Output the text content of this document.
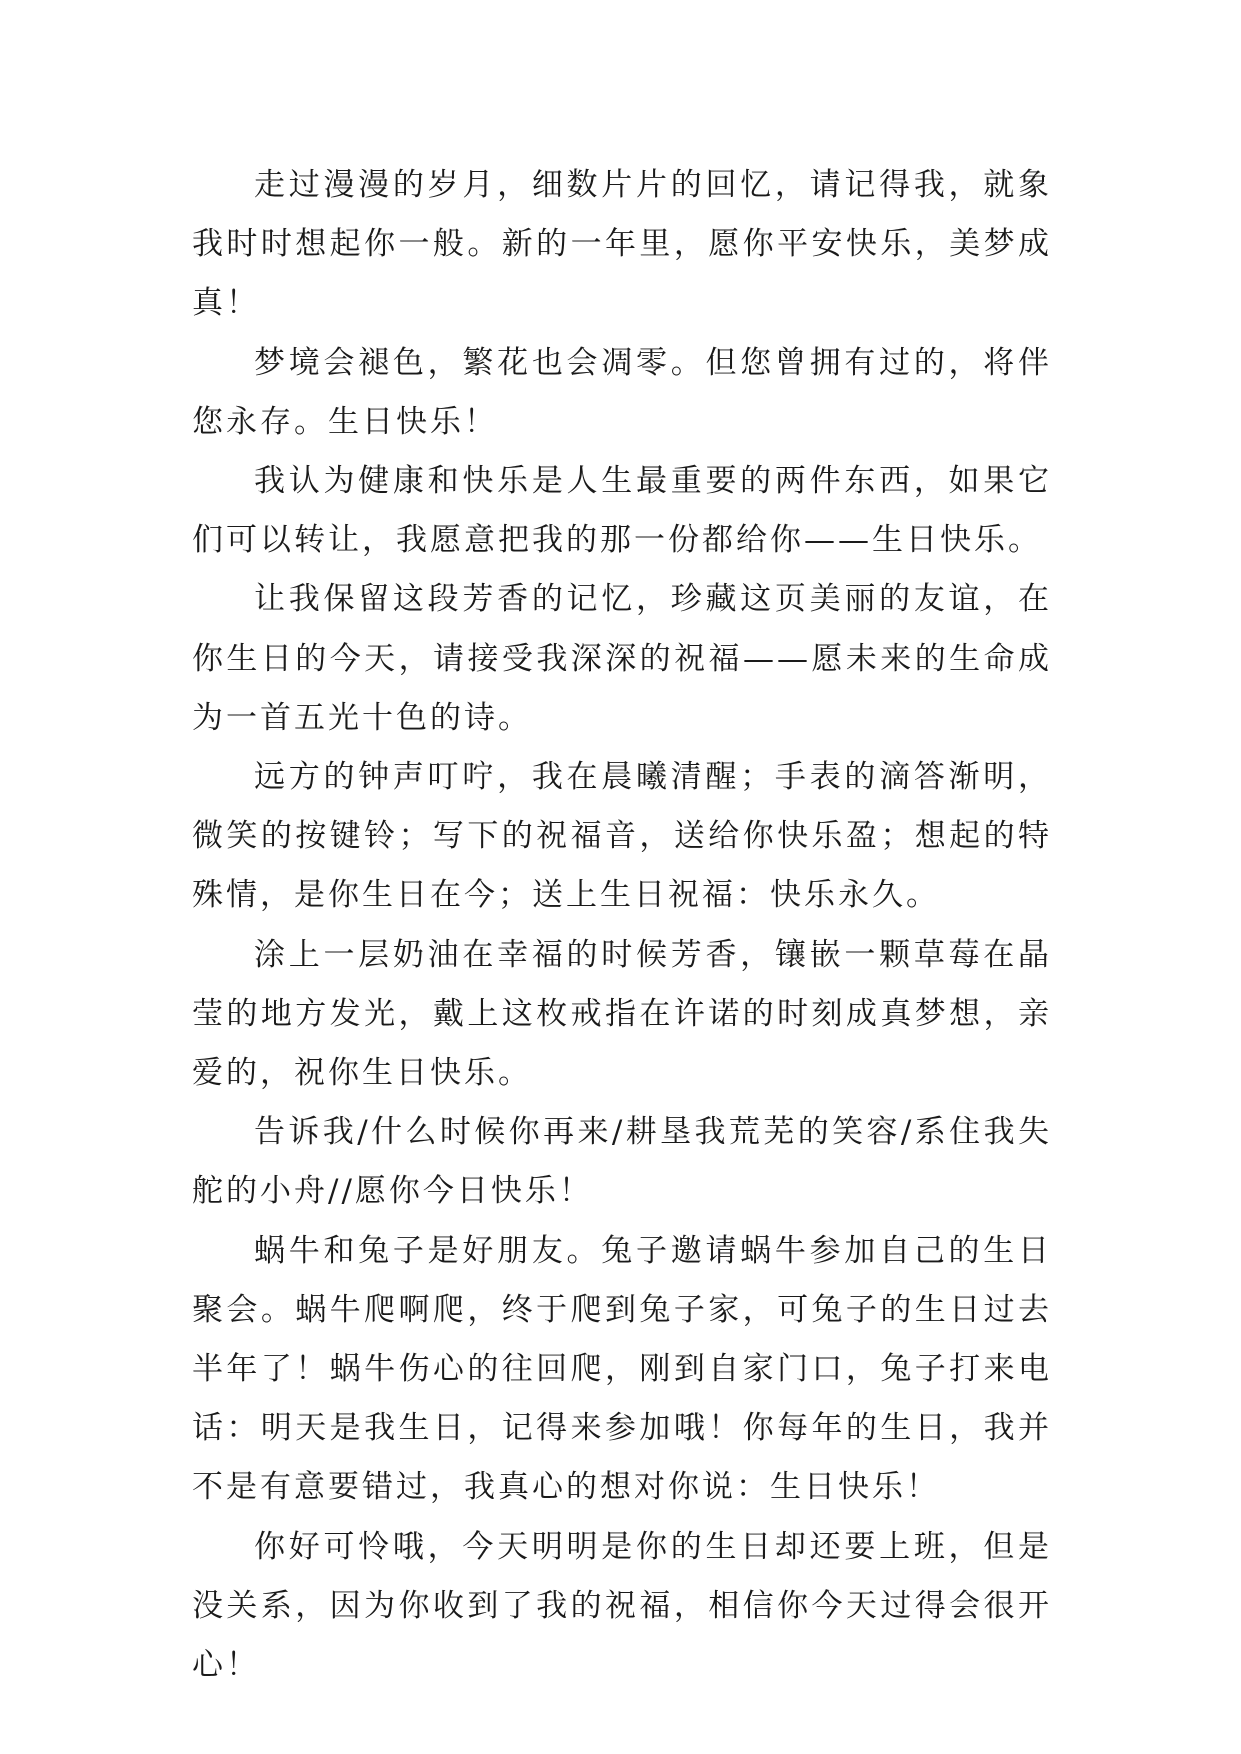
走过漫漫的岁月，细数片片的回忆，请记得我，就象我时时想起你一般。新的一年里，愿你平安快乐，美梦成真！

梦境会褪色，繁花也会凋零。但您曾拥有过的，将伴您永存。生日快乐！

我认为健康和快乐是人生最重要的两件东西，如果它们可以转让，我愿意把我的那一份都给你——生日快乐。

让我保留这段芳香的记忆，珍藏这页美丽的友谊，在你生日的今天，请接受我深深的祝福——愿未来的生命成为一首五光十色的诗。

远方的钟声叮咛，我在晨曦清醒；手表的滴答渐明，微笑的按键铃；写下的祝福音，送给你快乐盈；想起的特殊情，是你生日在今；送上生日祝福：快乐永久。

涂上一层奶油在幸福的时候芳香，镶嵌一颗草莓在晶莹的地方发光，戴上这枚戒指在许诺的时刻成真梦想，亲爱的，祝你生日快乐。

告诉我/什么时候你再来/耕垦我荒芜的笑容/系住我失舵的小舟//愿你今日快乐！

蜗牛和兔子是好朋友。兔子邀请蜗牛参加自己的生日聚会。蜗牛爬啊爬，终于爬到兔子家，可兔子的生日过去半年了！蜗牛伤心的往回爬，刚到自家门口，兔子打来电话：明天是我生日，记得来参加哦！你每年的生日，我并不是有意要错过，我真心的想对你说：生日快乐！

你好可怜哦，今天明明是你的生日却还要上班，但是没关系，因为你收到了我的祝福，相信你今天过得会很开心！
